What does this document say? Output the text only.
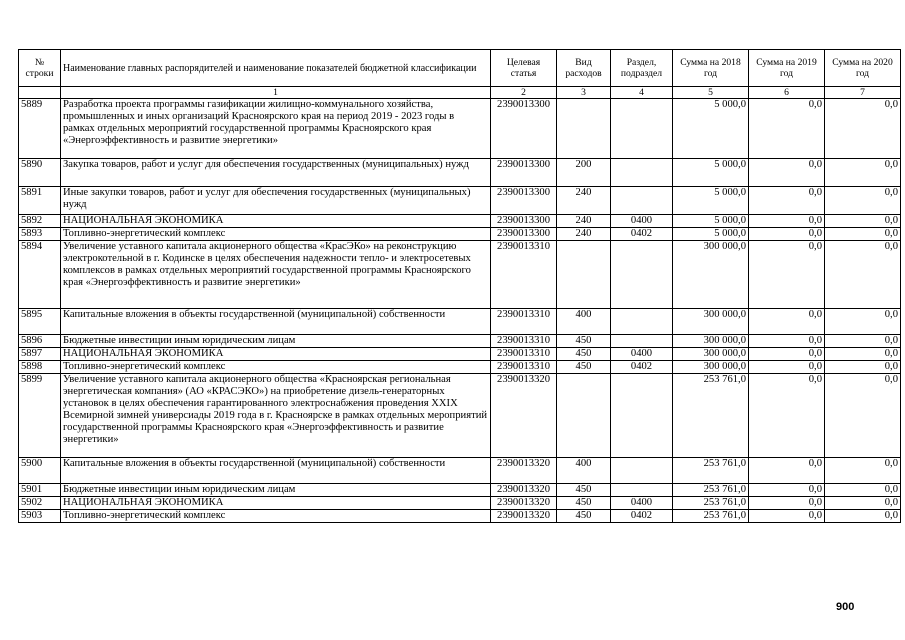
№ строки	Наименование главных распорядителей и наименование показателей бюджетной классификации	Целевая статья	Вид расходов	Раздел, подраздел	Сумма на 2018 год	Сумма на 2019 год	Сумма на 2020 год
	1	2	3	4	5	6	7
5889	Разработка проекта программы газификации жилищно-коммунального хозяйства, промышленных и иных организаций Красноярского края на период 2019 - 2023 годы в рамках отдельных мероприятий государственной программы Красноярского края «Энергоэффективность и развитие энергетики»	2390013300			5 000,0	0,0	0,0
5890	Закупка товаров, работ и услуг для обеспечения государственных (муниципальных) нужд	2390013300	200		5 000,0	0,0	0,0
5891	Иные закупки товаров, работ и услуг для обеспечения государственных (муниципальных) нужд	2390013300	240		5 000,0	0,0	0,0
5892	НАЦИОНАЛЬНАЯ ЭКОНОМИКА	2390013300	240	0400	5 000,0	0,0	0,0
5893	Топливно-энергетический комплекс	2390013300	240	0402	5 000,0	0,0	0,0
5894	Увеличение уставного капитала акционерного общества «КрасЭКо» на реконструкцию электрокотельной в г. Кодинске в целях обеспечения надежности тепло- и электросетевых комплексов в рамках отдельных мероприятий государственной программы Красноярского края «Энергоэффективность и развитие энергетики»	2390013310			300 000,0	0,0	0,0
5895	Капитальные вложения в объекты государственной (муниципальной) собственности	2390013310	400		300 000,0	0,0	0,0
5896	Бюджетные инвестиции иным юридическим лицам	2390013310	450		300 000,0	0,0	0,0
5897	НАЦИОНАЛЬНАЯ ЭКОНОМИКА	2390013310	450	0400	300 000,0	0,0	0,0
5898	Топливно-энергетический комплекс	2390013310	450	0402	300 000,0	0,0	0,0
5899	Увеличение уставного капитала акционерного общества «Красноярская региональная энергетическая компания» (АО «КРАСЭКО») на приобретение дизель-генераторных установок в целях обеспечения гарантированного электроснабжения проведения XXIX Всемирной зимней универсиады 2019 года в г. Красноярске в рамках отдельных мероприятий государственной программы Красноярского края «Энергоэффективность и развитие энергетики»	2390013320			253 761,0	0,0	0,0
5900	Капитальные вложения в объекты государственной (муниципальной) собственности	2390013320	400		253 761,0	0,0	0,0
5901	Бюджетные инвестиции иным юридическим лицам	2390013320	450		253 761,0	0,0	0,0
5902	НАЦИОНАЛЬНАЯ ЭКОНОМИКА	2390013320	450	0400	253 761,0	0,0	0,0
5903	Топливно-энергетический комплекс	2390013320	450	0402	253 761,0	0,0	0,0
900
